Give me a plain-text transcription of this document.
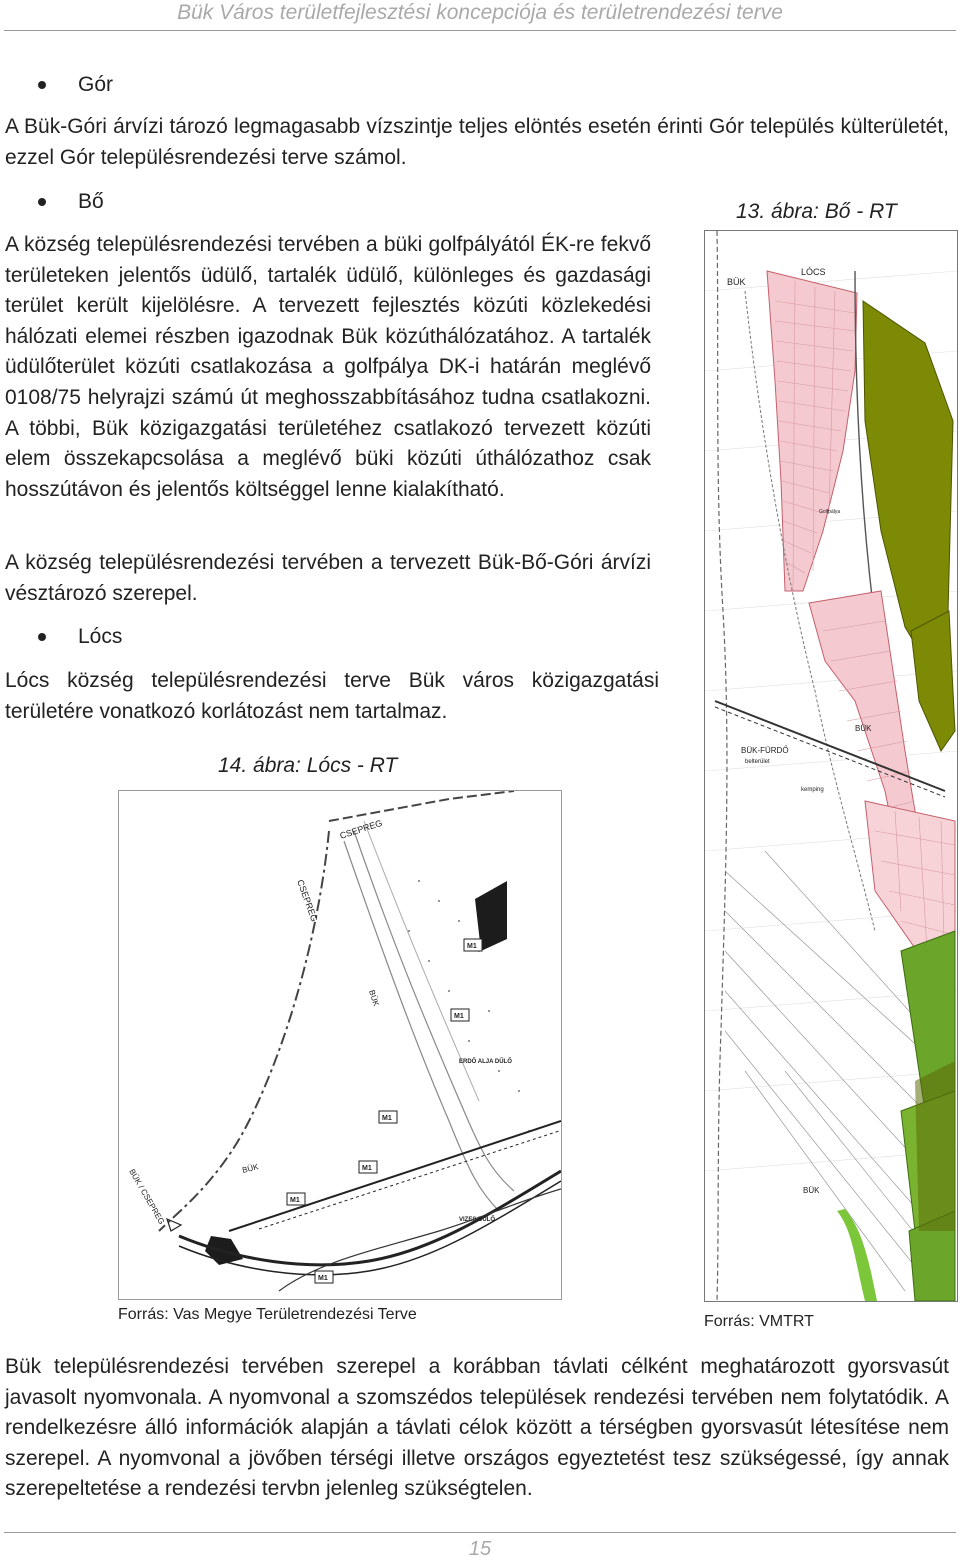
Bük Város területfejlesztési koncepciója és területrendezési terve
Gór

A Bük-Góri árvízi tározó legmagasabb vízszintje teljes elöntés esetén érinti Gór település külterületét, ezzel Gór településrendezési terve számol.

Bő

A község településrendezési tervében a büki golfpályától ÉK-re fekvő területeken jelentős üdülő, tartalék üdülő, különleges és gazdasági terület került kijelölésre. A tervezett fejlesztés közúti közlekedési hálózati elemei részben igazodnak Bük közúthálózatához. A tartalék üdülőterület közúti csatlakozása a golfpálya DK-i határán meglévő 0108/75 helyrajzi számú út meghosszabbításához tudna csatlakozni. A többi, Bük közigazgatási területéhez csatlakozó tervezett közúti elem összekapcsolása a meglévő büki közúti úthálózathoz csak hosszútávon és jelentős költséggel lenne kialakítható.

A község településrendezési tervében a tervezett Bük-Bő-Góri árvízi vésztározó szerepel.

Lócs

Lócs község településrendezési terve Bük város közigazgatási területére vonatkozó korlátozást nem tartalmaz.

13. ábra: Bő - RT
BÜK
LÓCS
Golfpálya
kemping
BÜK
BÜK-FÜRDŐ
belterület
BÜK
Forrás: VMTRT
14. ábra: Lócs - RT
M1
M1
M1
M1
M1
M1
CSEPREG
CSEPREG
BÜK
BÜK
BÜK / CSEPREG
ERDŐ ALJA DŰLŐ
VIZES DŰLŐ
Forrás: Vas Megye Területrendezési Terve

Bük településrendezési tervében szerepel a korábban távlati célként meghatározott gyorsvasút javasolt nyomvonala. A nyomvonal a szomszédos települések rendezési tervében nem folytatódik. A rendelkezésre álló információk alapján a távlati célok között a térségben gyorsvasút létesítése nem szerepel. A nyomvonal a jövőben térségi illetve országos egyeztetést tesz szükségessé, így annak szerepeltetése a rendezési tervbn jelenleg szükségtelen.

15
